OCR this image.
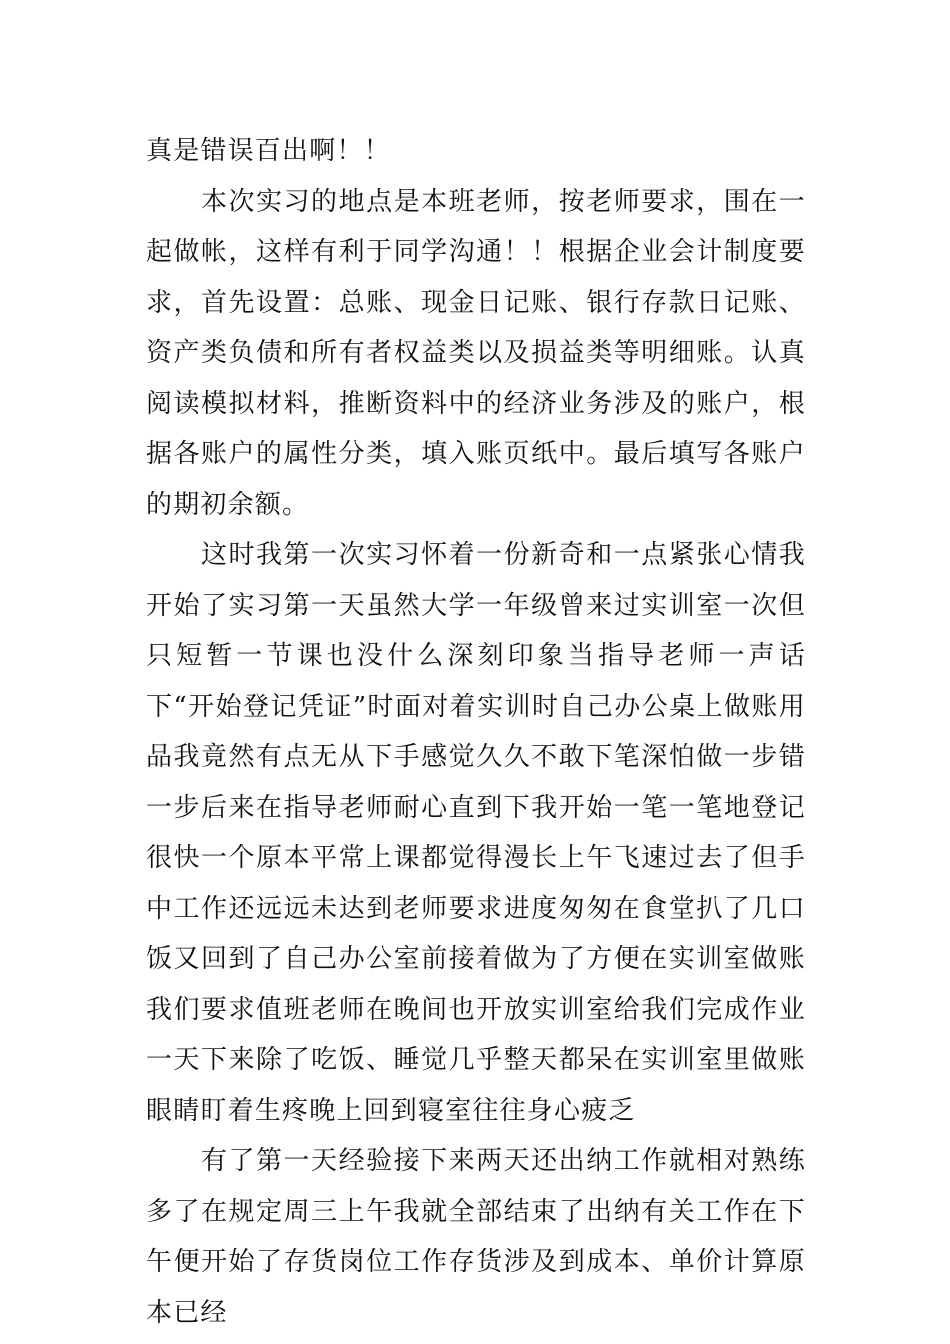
真是错误百出啊！！

本次实习的地点是本班老师，按老师要求，围在一起做帐，这样有利于同学沟通！！根据企业会计制度要求，首先设置：总账、现金日记账、银行存款日记账、资产类负债和所有者权益类以及损益类等明细账。认真阅读模拟材料，推断资料中的经济业务涉及的账户，根据各账户的属性分类，填入账页纸中。最后填写各账户的期初余额。

这时我第一次实习怀着一份新奇和一点紧张心情我开始了实习第一天虽然大学一年级曾来过实训室一次但只短暂一节课也没什么深刻印象当指导老师一声话下“开始登记凭证”时面对着实训时自己办公桌上做账用品我竟然有点无从下手感觉久久不敢下笔深怕做一步错一步后来在指导老师耐心直到下我开始一笔一笔地登记很快一个原本平常上课都觉得漫长上午飞速过去了但手中工作还远远未达到老师要求进度匆匆在食堂扒了几口饭又回到了自己办公室前接着做为了方便在实训室做账我们要求值班老师在晚间也开放实训室给我们完成作业一天下来除了吃饭、睡觉几乎整天都呆在实训室里做账眼睛盯着生疼晚上回到寝室往往身心疲乏

有了第一天经验接下来两天还出纳工作就相对熟练多了在规定周三上午我就全部结束了出纳有关工作在下午便开始了存货岗位工作存货涉及到成本、单价计算原本已经
